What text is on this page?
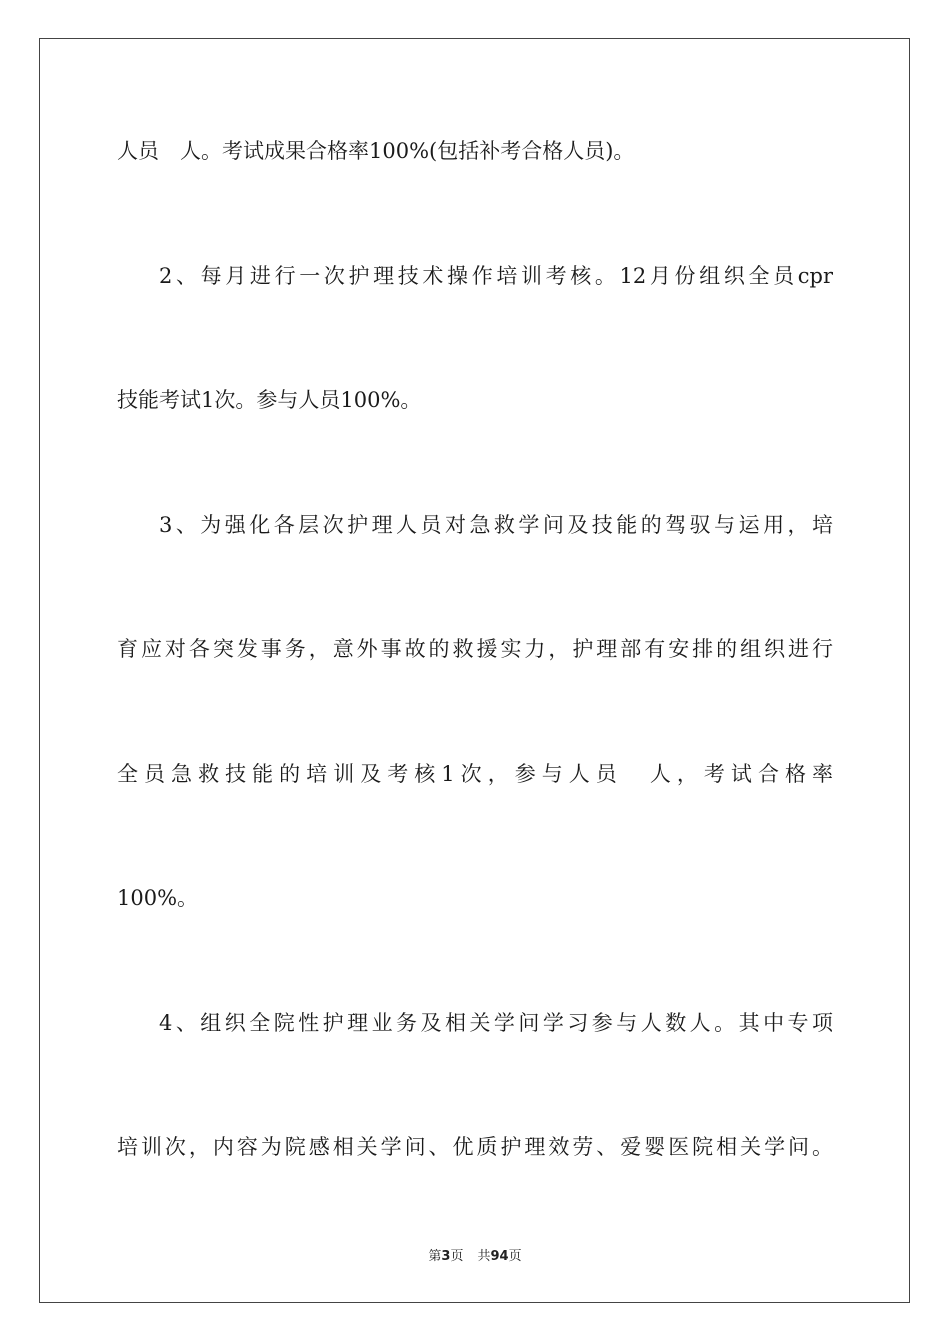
人员　人。考试成果合格率100%(包括补考合格人员)。
2、每月进行一次护理技术操作培训考核。12月份组织全员cpr
技能考试1次。参与人员100%。
3、为强化各层次护理人员对急救学问及技能的驾驭与运用，培
育应对各突发事务，意外事故的救援实力，护理部有安排的组织进行
全员急救技能的培训及考核1次，参与人员　人，考试合格率
100%。
4、组织全院性护理业务及相关学问学习参与人数人。其中专项
培训次，内容为院感相关学问、优质护理效劳、爱婴医院相关学问。
第3页 共94页
